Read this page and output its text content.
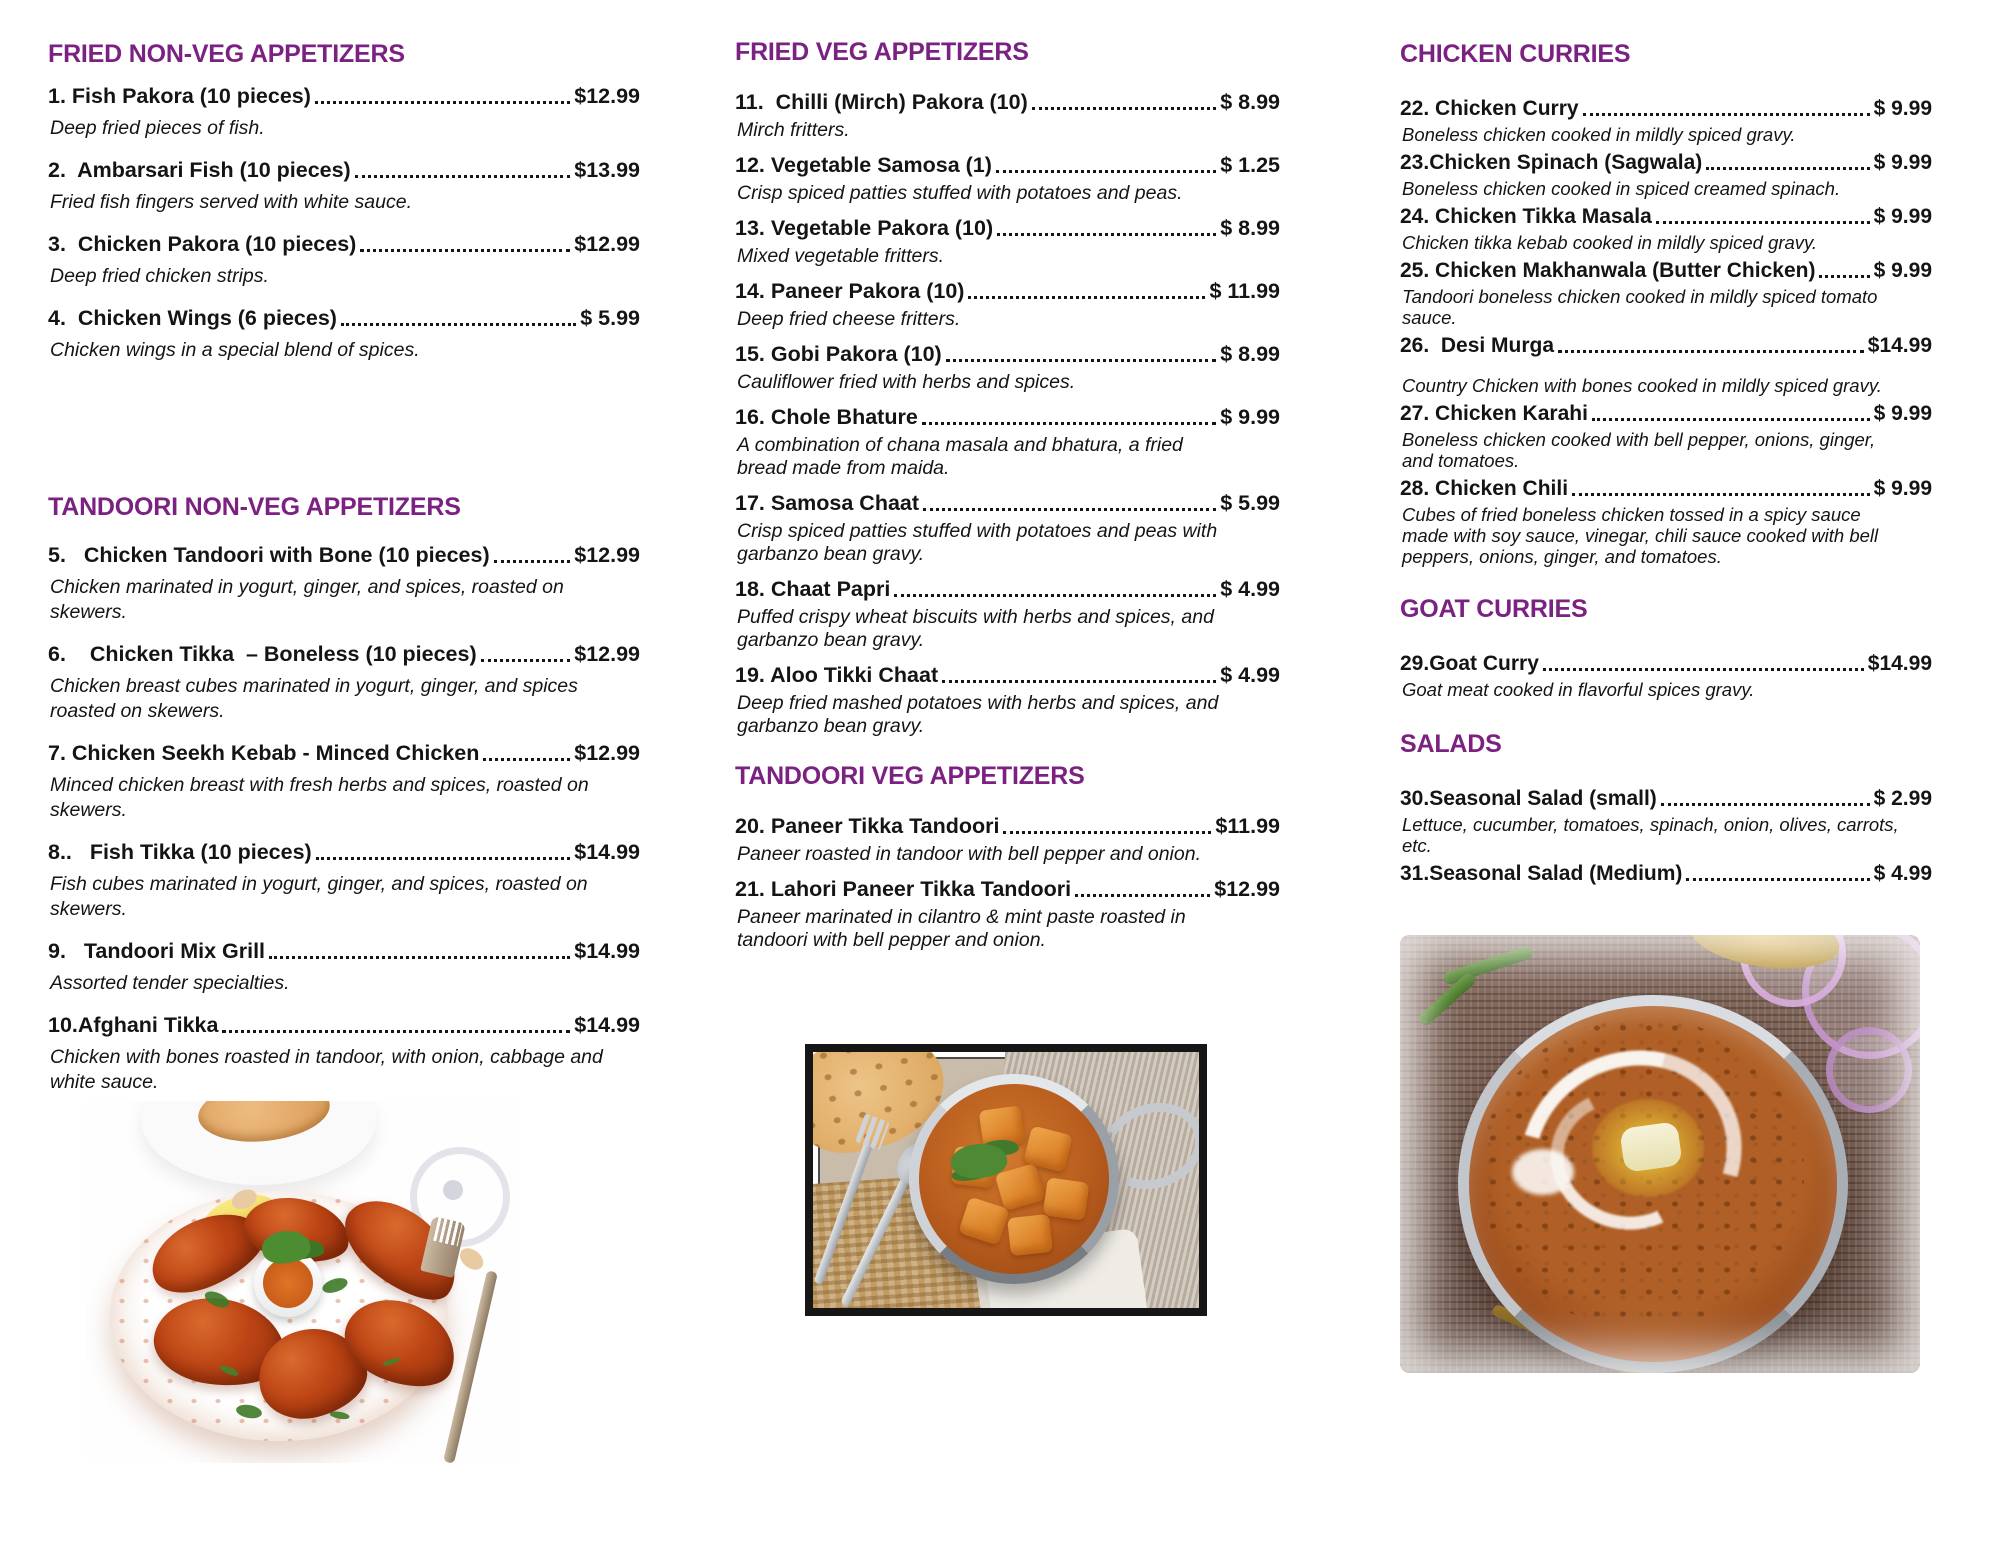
FRIED NON-VEG APPETIZERS
1. Fish Pakora (10 pieces)	$12.99

Deep fried pieces of fish.

2.  Ambarsari Fish (10 pieces)	$13.99

Fried fish fingers served with white sauce.

3.  Chicken Pakora (10 pieces)	$12.99

Deep fried chicken strips.

4.  Chicken Wings (6 pieces)	$ 5.99

Chicken wings in a special blend of spices.

TANDOORI NON-VEG APPETIZERS
5.   Chicken Tandoori with Bone (10 pieces)	$12.99

Chicken marinated in yogurt, ginger, and spices, roasted on skewers.

6.    Chicken Tikka  – Boneless (10 pieces)	$12.99

Chicken breast cubes marinated in yogurt, ginger, and spices roasted on skewers.

7. Chicken Seekh Kebab - Minced Chicken	$12.99

Minced chicken breast with fresh herbs and spices, roasted on skewers.

8..   Fish Tikka (10 pieces)	$14.99

Fish cubes marinated in yogurt, ginger, and spices, roasted on skewers.

9.   Tandoori Mix Grill	$14.99

Assorted tender specialties.

10.Afghani Tikka	$14.99

Chicken with bones roasted in tandoor, with onion, cabbage and white sauce.

FRIED VEG APPETIZERS
11.  Chilli (Mirch) Pakora (10)	$ 8.99

Mirch fritters.

12. Vegetable Samosa (1)	$ 1.25

Crisp spiced patties stuffed with potatoes and peas.

13. Vegetable Pakora (10)	$ 8.99

Mixed vegetable fritters.

14. Paneer Pakora (10)	$ 11.99

Deep fried cheese fritters.

15. Gobi Pakora (10)	$ 8.99

Cauliflower fried with herbs and spices.

16. Chole Bhature	$ 9.99

A combination of chana masala and bhatura, a fried bread made from maida.

17. Samosa Chaat	$ 5.99

Crisp spiced patties stuffed with potatoes and peas with garbanzo bean gravy.

18. Chaat Papri	$ 4.99

Puffed crispy wheat biscuits with herbs and spices, and garbanzo bean gravy.

19. Aloo Tikki Chaat	$ 4.99

Deep fried mashed potatoes with herbs and spices, and garbanzo bean gravy.

TANDOORI VEG APPETIZERS
20. Paneer Tikka Tandoori	$11.99

Paneer roasted in tandoor with bell pepper and onion.

21. Lahori Paneer Tikka Tandoori	$12.99

Paneer marinated in cilantro & mint paste roasted in tandoori with bell pepper and onion.

CHICKEN CURRIES
22. Chicken Curry	$ 9.99

Boneless chicken cooked in mildly spiced gravy.

23.Chicken Spinach (Sagwala)	$ 9.99

Boneless chicken cooked in spiced creamed spinach.

24. Chicken Tikka Masala	$ 9.99

Chicken tikka kebab cooked in mildly spiced gravy.

25. Chicken Makhanwala (Butter Chicken)	$ 9.99

Tandoori boneless chicken cooked in mildly spiced tomato sauce.

26.  Desi Murga	$14.99

Country Chicken with bones cooked in mildly spiced gravy.

27. Chicken Karahi	$ 9.99

Boneless chicken cooked with bell pepper, onions, ginger, and tomatoes.

28. Chicken Chili	$ 9.99

Cubes of fried boneless chicken tossed in a spicy sauce made with soy sauce, vinegar, chili sauce cooked with bell peppers, onions, ginger, and tomatoes.

GOAT CURRIES
29.Goat Curry	$14.99

Goat meat cooked in flavorful spices gravy.

SALADS
30.Seasonal Salad (small)	$ 2.99

Lettuce, cucumber, tomatoes, spinach, onion, olives, carrots, etc.

31.Seasonal Salad (Medium)	$ 4.99
